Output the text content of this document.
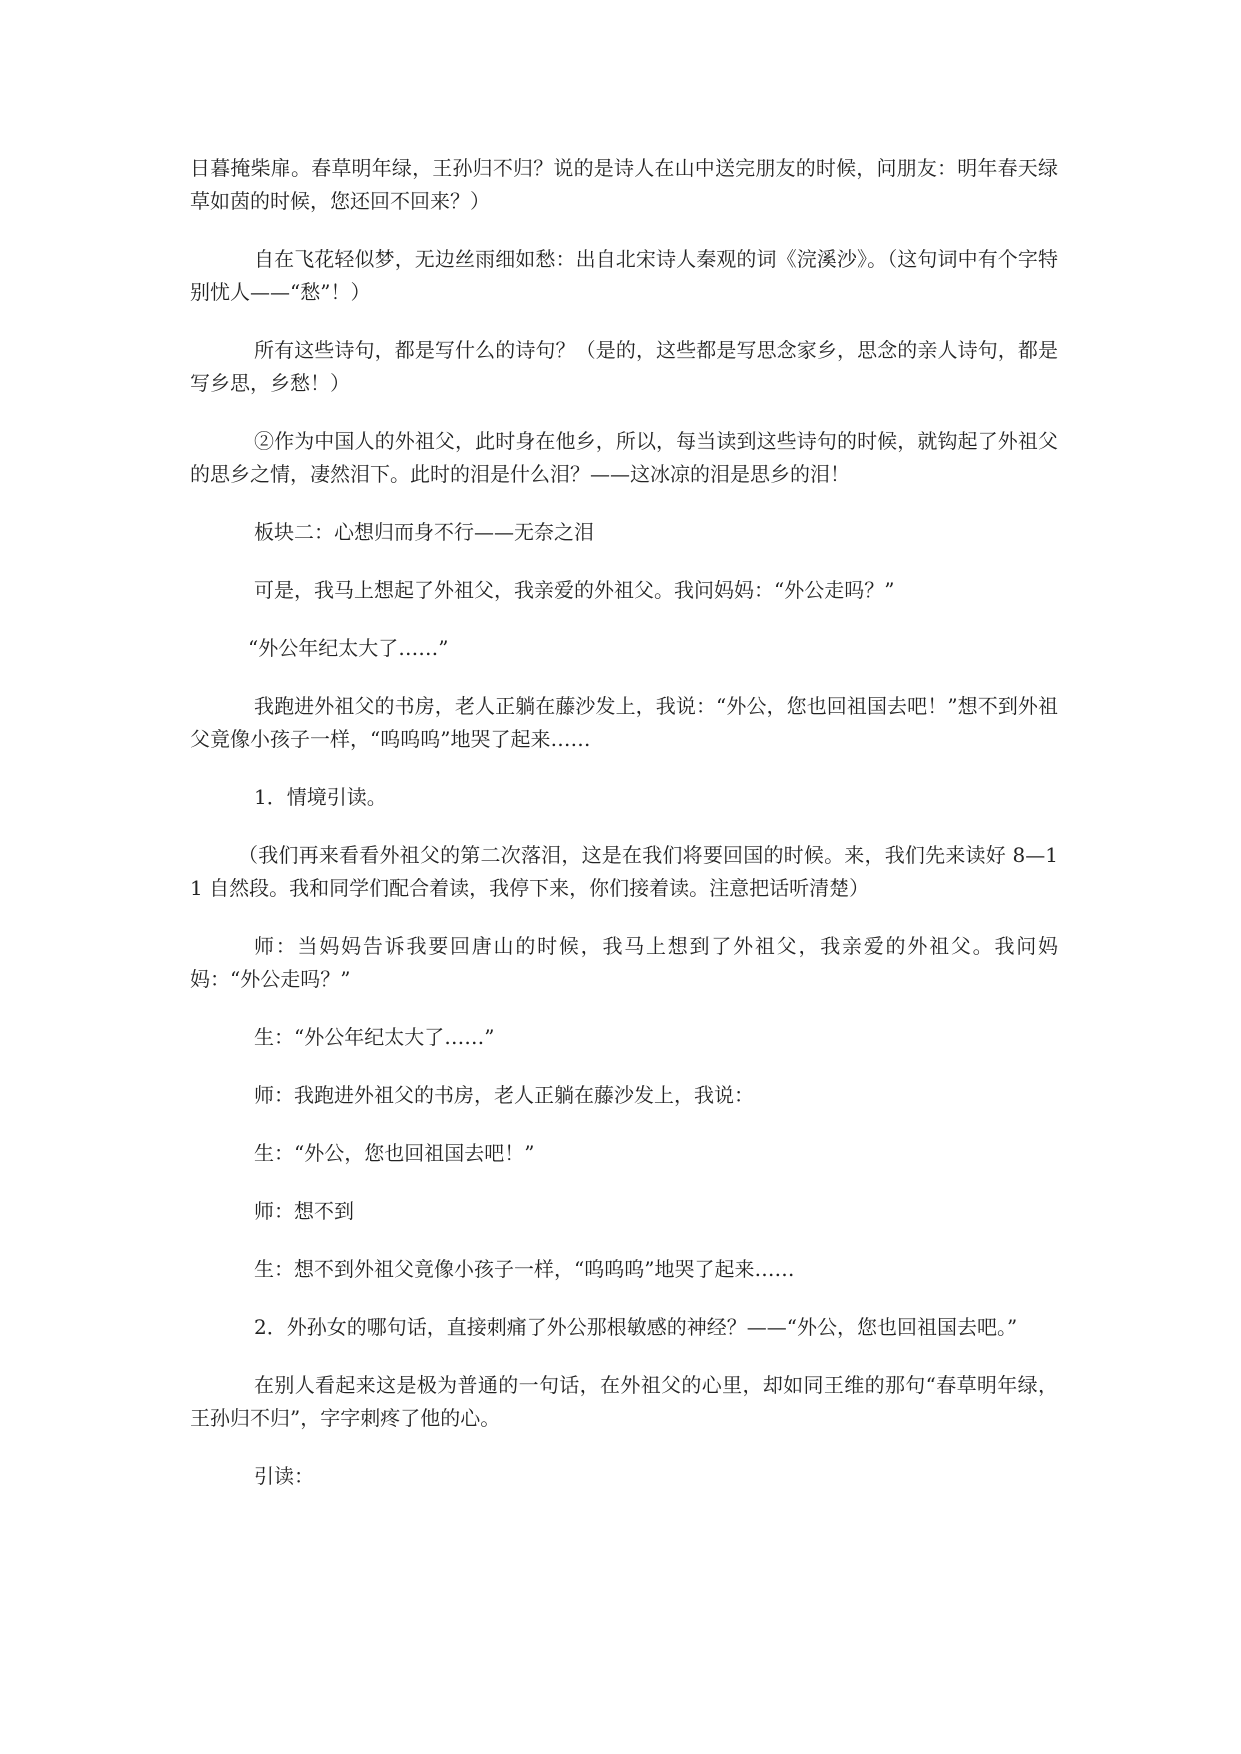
日暮掩柴扉。春草明年绿，王孙归不归？说的是诗人在山中送完朋友的时候，问朋友：明年春天绿草如茵的时候，您还回不回来？）

自在飞花轻似梦，无边丝雨细如愁：出自北宋诗人秦观的词《浣溪沙》。（这句词中有个字特别忧人——“愁”！）

所有这些诗句，都是写什么的诗句？（是的，这些都是写思念家乡，思念的亲人诗句，都是写乡思，乡愁！）

②作为中国人的外祖父，此时身在他乡，所以，每当读到这些诗句的时候，就钩起了外祖父的思乡之情，凄然泪下。此时的泪是什么泪？——这冰凉的泪是思乡的泪！

板块二：心想归而身不行——无奈之泪

可是，我马上想起了外祖父，我亲爱的外祖父。我问妈妈：“外公走吗？”

“外公年纪太大了……”

我跑进外祖父的书房，老人正躺在藤沙发上，我说：“外公，您也回祖国去吧！”想不到外祖父竟像小孩子一样，“呜呜呜”地哭了起来……

1．情境引读。

（我们再来看看外祖父的第二次落泪，这是在我们将要回国的时候。来，我们先来读好 8—11 自然段。我和同学们配合着读，我停下来，你们接着读。注意把话听清楚）

师：当妈妈告诉我要回唐山的时候，我马上想到了外祖父，我亲爱的外祖父。我问妈妈：“外公走吗？”

生：“外公年纪太大了……”

师：我跑进外祖父的书房，老人正躺在藤沙发上，我说：

生：“外公，您也回祖国去吧！”

师：想不到

生：想不到外祖父竟像小孩子一样，“呜呜呜”地哭了起来……

2．外孙女的哪句话，直接刺痛了外公那根敏感的神经？——“外公，您也回祖国去吧。”

在别人看起来这是极为普通的一句话，在外祖父的心里，却如同王维的那句“春草明年绿，王孙归不归”，字字刺疼了他的心。

引读：
